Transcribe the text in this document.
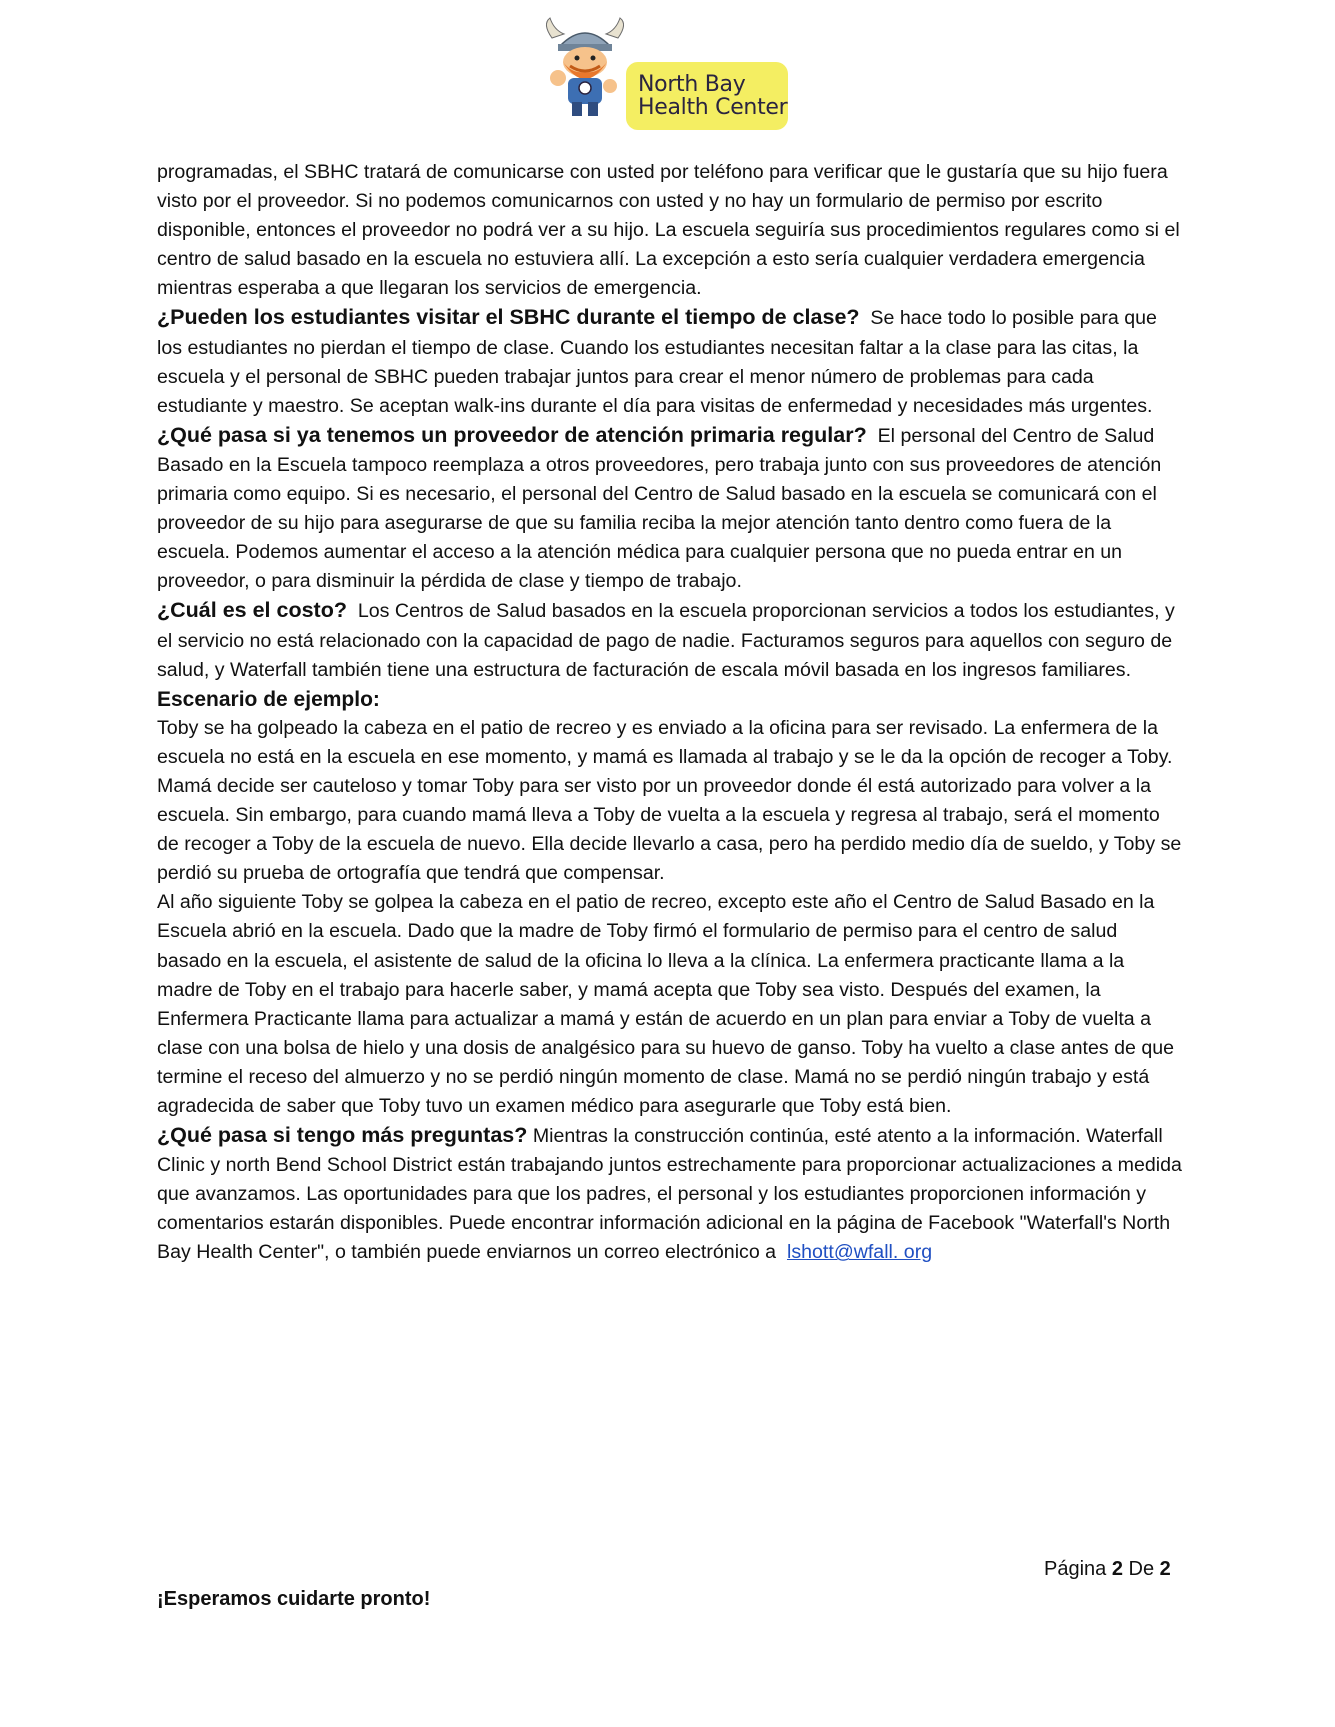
North Bay
Health Center

programadas, el SBHC tratará de comunicarse con usted por teléfono para verificar que le gustaría que su hijo fuera visto por el proveedor. Si no podemos comunicarnos con usted y no hay un formulario de permiso por escrito disponible, entonces el proveedor no podrá ver a su hijo. La escuela seguiría sus procedimientos regulares como si el centro de salud basado en la escuela no estuviera allí. La excepción a esto sería cualquier verdadera emergencia mientras esperaba a que llegaran los servicios de emergencia.

¿Pueden los estudiantes visitar el SBHC durante el tiempo de clase? Se hace todo lo posible para que los estudiantes no pierdan el tiempo de clase. Cuando los estudiantes necesitan faltar a la clase para las citas, la escuela y el personal de SBHC pueden trabajar juntos para crear el menor número de problemas para cada estudiante y maestro. Se aceptan walk-ins durante el día para visitas de enfermedad y necesidades más urgentes.

¿Qué pasa si ya tenemos un proveedor de atención primaria regular? El personal del Centro de Salud Basado en la Escuela tampoco reemplaza a otros proveedores, pero trabaja junto con sus proveedores de atención primaria como equipo. Si es necesario, el personal del Centro de Salud basado en la escuela se comunicará con el proveedor de su hijo para asegurarse de que su familia reciba la mejor atención tanto dentro como fuera de la escuela. Podemos aumentar el acceso a la atención médica para cualquier persona que no pueda entrar en un proveedor, o para disminuir la pérdida de clase y tiempo de trabajo.

¿Cuál es el costo? Los Centros de Salud basados en la escuela proporcionan servicios a todos los estudiantes, y el servicio no está relacionado con la capacidad de pago de nadie. Facturamos seguros para aquellos con seguro de salud, y Waterfall también tiene una estructura de facturación de escala móvil basada en los ingresos familiares.

Escenario de ejemplo:
Toby se ha golpeado la cabeza en el patio de recreo y es enviado a la oficina para ser revisado. La enfermera de la escuela no está en la escuela en ese momento, y mamá es llamada al trabajo y se le da la opción de recoger a Toby. Mamá decide ser cauteloso y tomar Toby para ser visto por un proveedor donde él está autorizado para volver a la escuela. Sin embargo, para cuando mamá lleva a Toby de vuelta a la escuela y regresa al trabajo, será el momento de recoger a Toby de la escuela de nuevo. Ella decide llevarlo a casa, pero ha perdido medio día de sueldo, y Toby se perdió su prueba de ortografía que tendrá que compensar.

Al año siguiente Toby se golpea la cabeza en el patio de recreo, excepto este año el Centro de Salud Basado en la Escuela abrió en la escuela. Dado que la madre de Toby firmó el formulario de permiso para el centro de salud basado en la escuela, el asistente de salud de la oficina lo lleva a la clínica. La enfermera practicante llama a la madre de Toby en el trabajo para hacerle saber, y mamá acepta que Toby sea visto. Después del examen, la Enfermera Practicante llama para actualizar a mamá y están de acuerdo en un plan para enviar a Toby de vuelta a clase con una bolsa de hielo y una dosis de analgésico para su huevo de ganso. Toby ha vuelto a clase antes de que termine el receso del almuerzo y no se perdió ningún momento de clase. Mamá no se perdió ningún trabajo y está agradecida de saber que Toby tuvo un examen médico para asegurarle que Toby está bien.

¿Qué pasa si tengo más preguntas? Mientras la construcción continúa, esté atento a la información. Waterfall Clinic y north Bend School District están trabajando juntos estrechamente para proporcionar actualizaciones a medida que avanzamos. Las oportunidades para que los padres, el personal y los estudiantes proporcionen información y comentarios estarán disponibles. Puede encontrar información adicional en la página de Facebook "Waterfall's North Bay Health Center", o también puede enviarnos un correo electrónico a lshott@wfall. org

Página 2 De 2
¡Esperamos cuidarte pronto!
